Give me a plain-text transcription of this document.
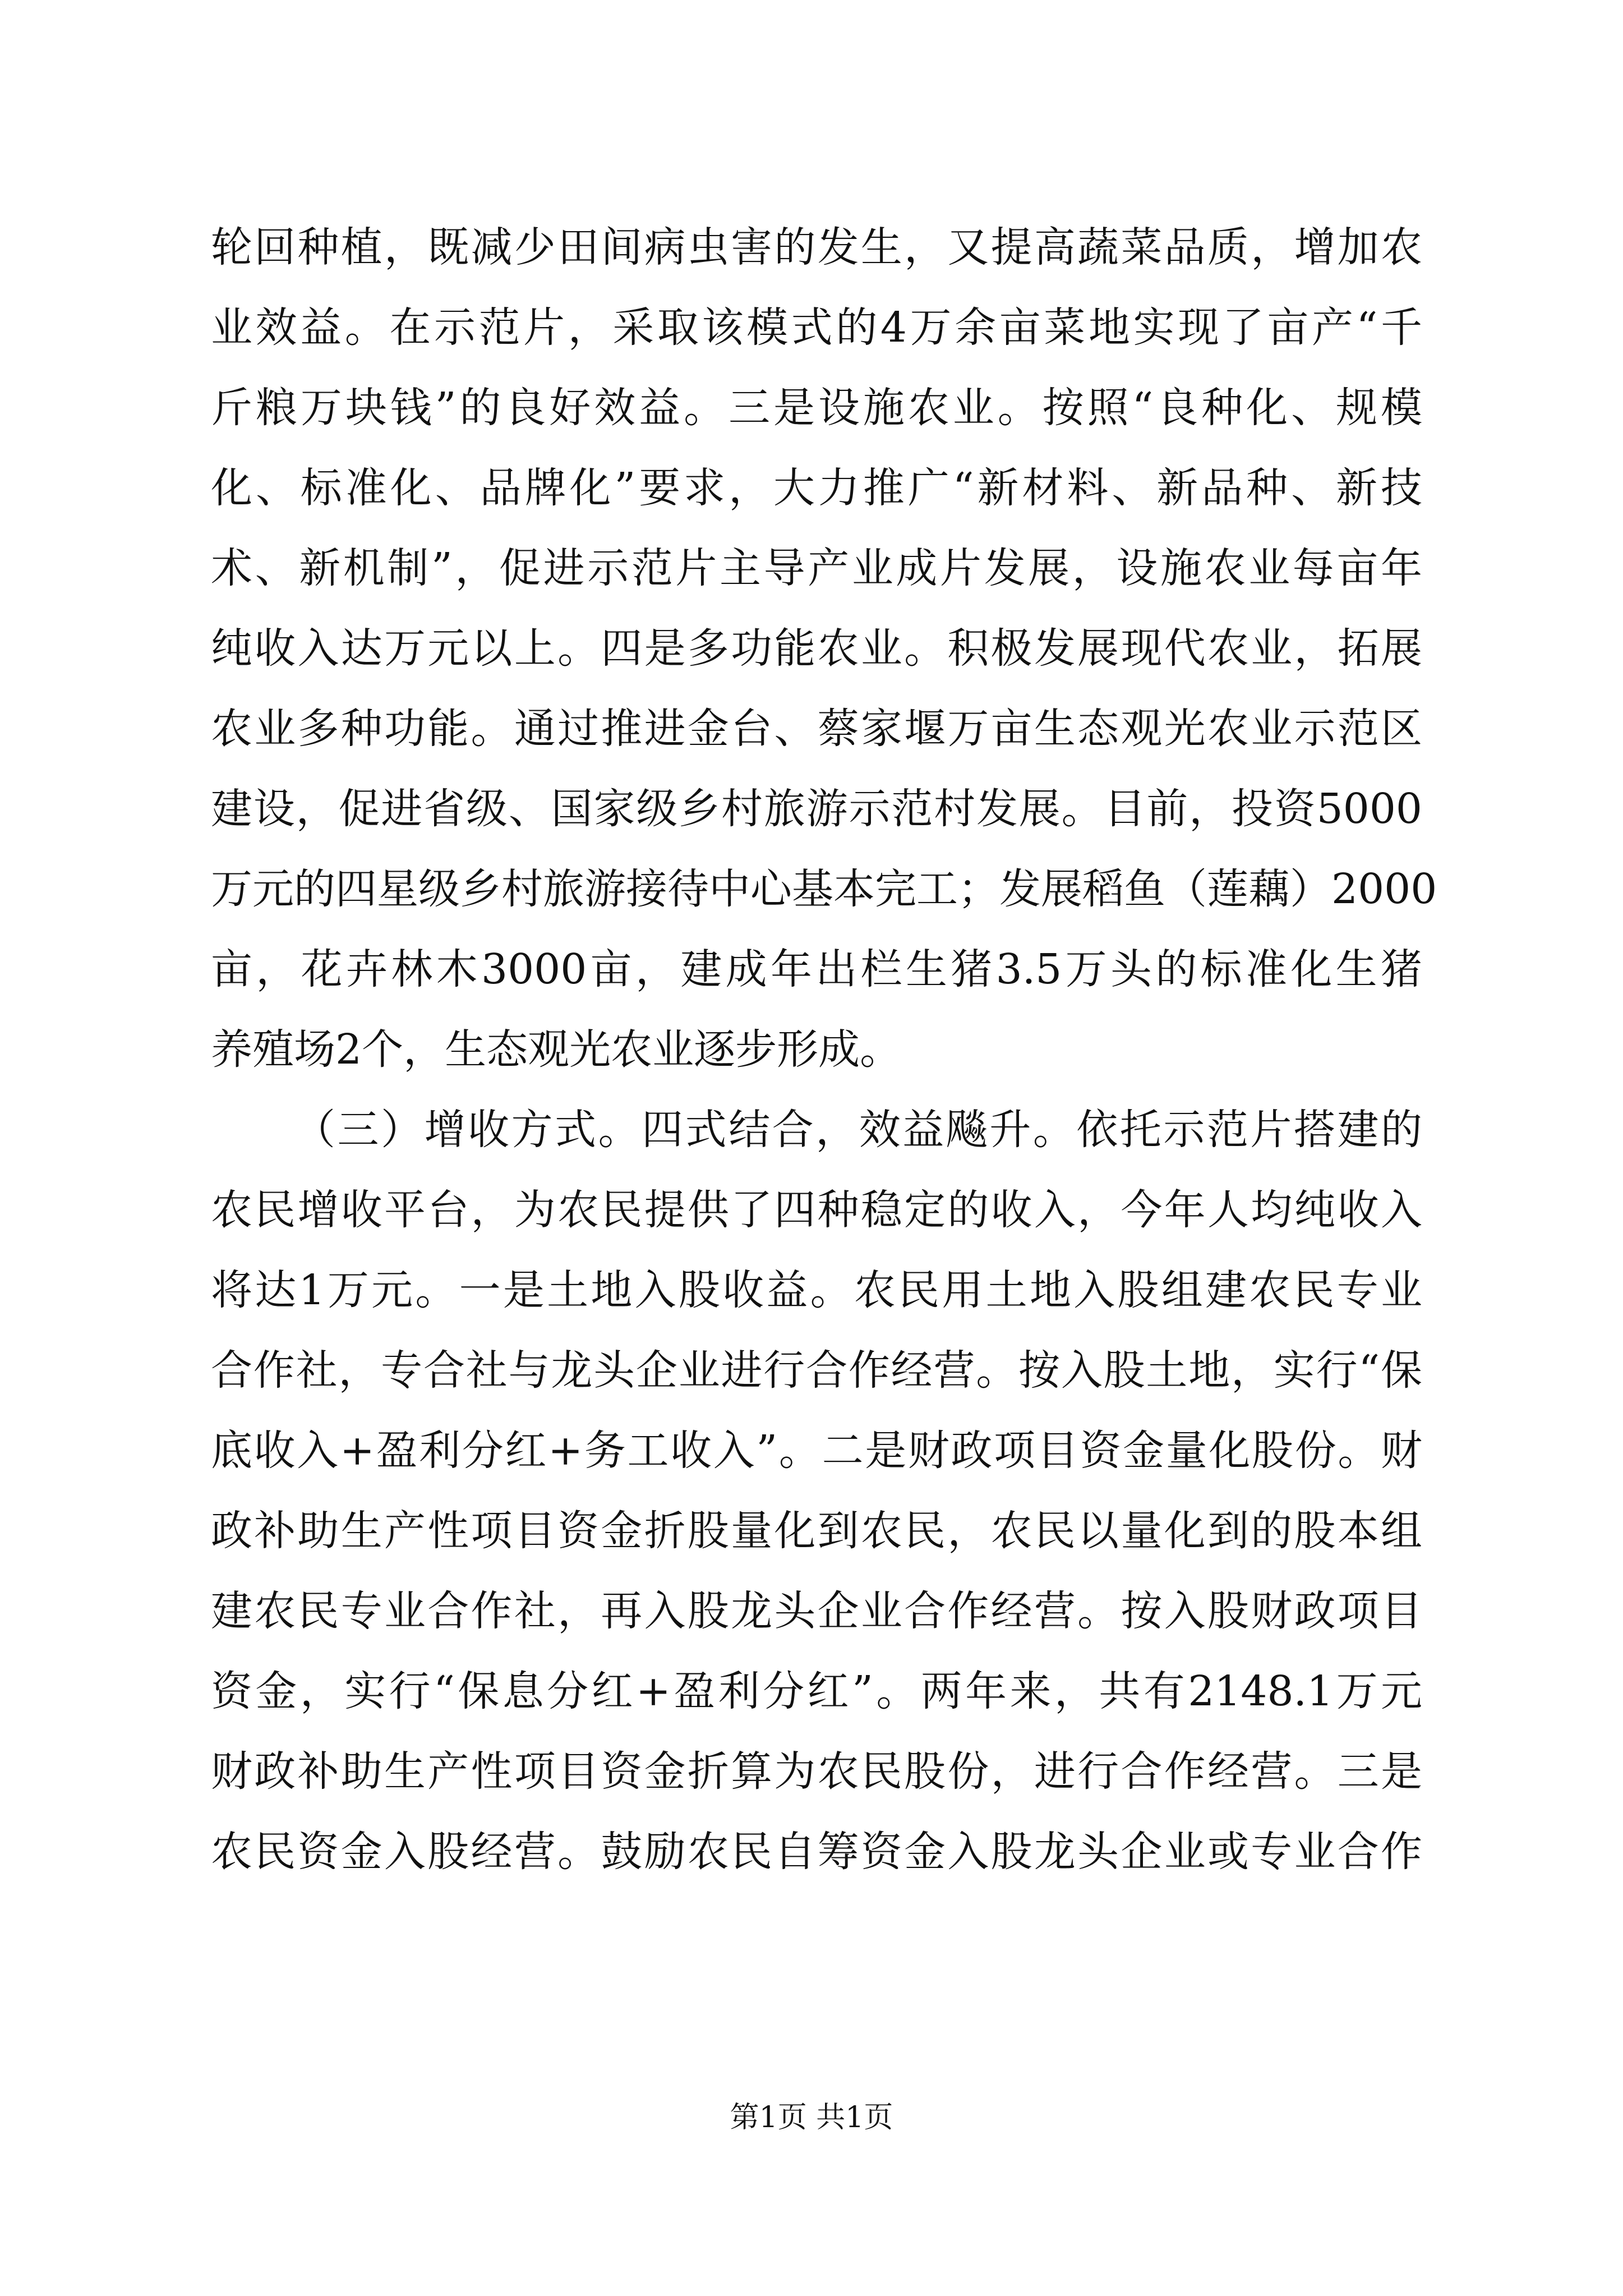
轮回种植，既减少田间病虫害的发生，又提高蔬菜品质，增加农
业效益。在示范片，采取该模式的4万余亩菜地实现了亩产“千
斤粮万块钱”的良好效益。三是设施农业。按照“良种化、规模
化、标准化、品牌化”要求，大力推广“新材料、新品种、新技
术、新机制”，促进示范片主导产业成片发展，设施农业每亩年
纯收入达万元以上。四是多功能农业。积极发展现代农业，拓展
农业多种功能。通过推进金台、蔡家堰万亩生态观光农业示范区
建设，促进省级、国家级乡村旅游示范村发展。目前，投资5000
万元的四星级乡村旅游接待中心基本完工；发展稻鱼（莲藕）2000
亩，花卉林木3000亩，建成年出栏生猪3.5万头的标准化生猪
养殖场2个，生态观光农业逐步形成。
（三）增收方式。四式结合，效益飚升。依托示范片搭建的
农民增收平台，为农民提供了四种稳定的收入，今年人均纯收入
将达1万元。一是土地入股收益。农民用土地入股组建农民专业
合作社，专合社与龙头企业进行合作经营。按入股土地，实行“保
底收入+盈利分红+务工收入”。二是财政项目资金量化股份。财
政补助生产性项目资金折股量化到农民，农民以量化到的股本组
建农民专业合作社，再入股龙头企业合作经营。按入股财政项目
资金，实行“保息分红+盈利分红”。两年来，共有2148.1万元
财政补助生产性项目资金折算为农民股份，进行合作经营。三是
农民资金入股经营。鼓励农民自筹资金入股龙头企业或专业合作
第1页 共1页
